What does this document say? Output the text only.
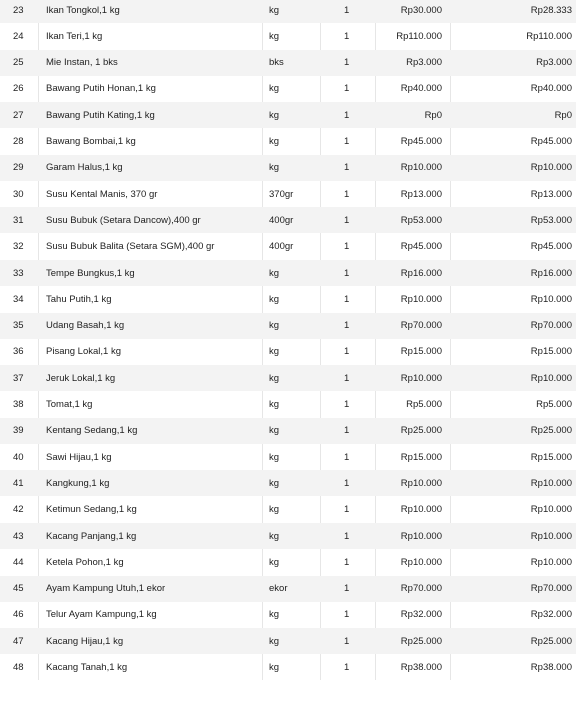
23 Ikan Tongkol,1 kg	kg	1	Rp30.000	Rp28.333
24 Ikan Teri,1 kg	kg	1	Rp110.000	Rp110.000
25 Mie Instan, 1 bks	bks	1	Rp3.000	Rp3.000
26 Bawang Putih Honan,1 kg	kg	1	Rp40.000	Rp40.000
27 Bawang Putih Kating,1 kg	kg	1	Rp0	Rp0
28 Bawang Bombai,1 kg	kg	1	Rp45.000	Rp45.000
29 Garam Halus,1 kg	kg	1	Rp10.000	Rp10.000
30 Susu Kental Manis, 370 gr	370gr	1	Rp13.000	Rp13.000
31 Susu Bubuk (Setara Dancow),400 gr	400gr	1	Rp53.000	Rp53.000
32 Susu Bubuk Balita (Setara SGM),400 gr	400gr	1	Rp45.000	Rp45.000
33 Tempe Bungkus,1 kg	kg	1	Rp16.000	Rp16.000
34 Tahu Putih,1 kg	kg	1	Rp10.000	Rp10.000
35 Udang Basah,1 kg	kg	1	Rp70.000	Rp70.000
36 Pisang Lokal,1 kg	kg	1	Rp15.000	Rp15.000
37 Jeruk Lokal,1 kg	kg	1	Rp10.000	Rp10.000
38 Tomat,1 kg	kg	1	Rp5.000	Rp5.000
39 Kentang Sedang,1 kg	kg	1	Rp25.000	Rp25.000
40 Sawi Hijau,1 kg	kg	1	Rp15.000	Rp15.000
41 Kangkung,1 kg	kg	1	Rp10.000	Rp10.000
42 Ketimun Sedang,1 kg	kg	1	Rp10.000	Rp10.000
43 Kacang Panjang,1 kg	kg	1	Rp10.000	Rp10.000
44 Ketela Pohon,1 kg	kg	1	Rp10.000	Rp10.000
45 Ayam Kampung Utuh,1 ekor	ekor	1	Rp70.000	Rp70.000
46 Telur Ayam Kampung,1 kg	kg	1	Rp32.000	Rp32.000
47 Kacang Hijau,1 kg	kg	1	Rp25.000	Rp25.000
48 Kacang Tanah,1 kg	kg	1	Rp38.000	Rp38.000
